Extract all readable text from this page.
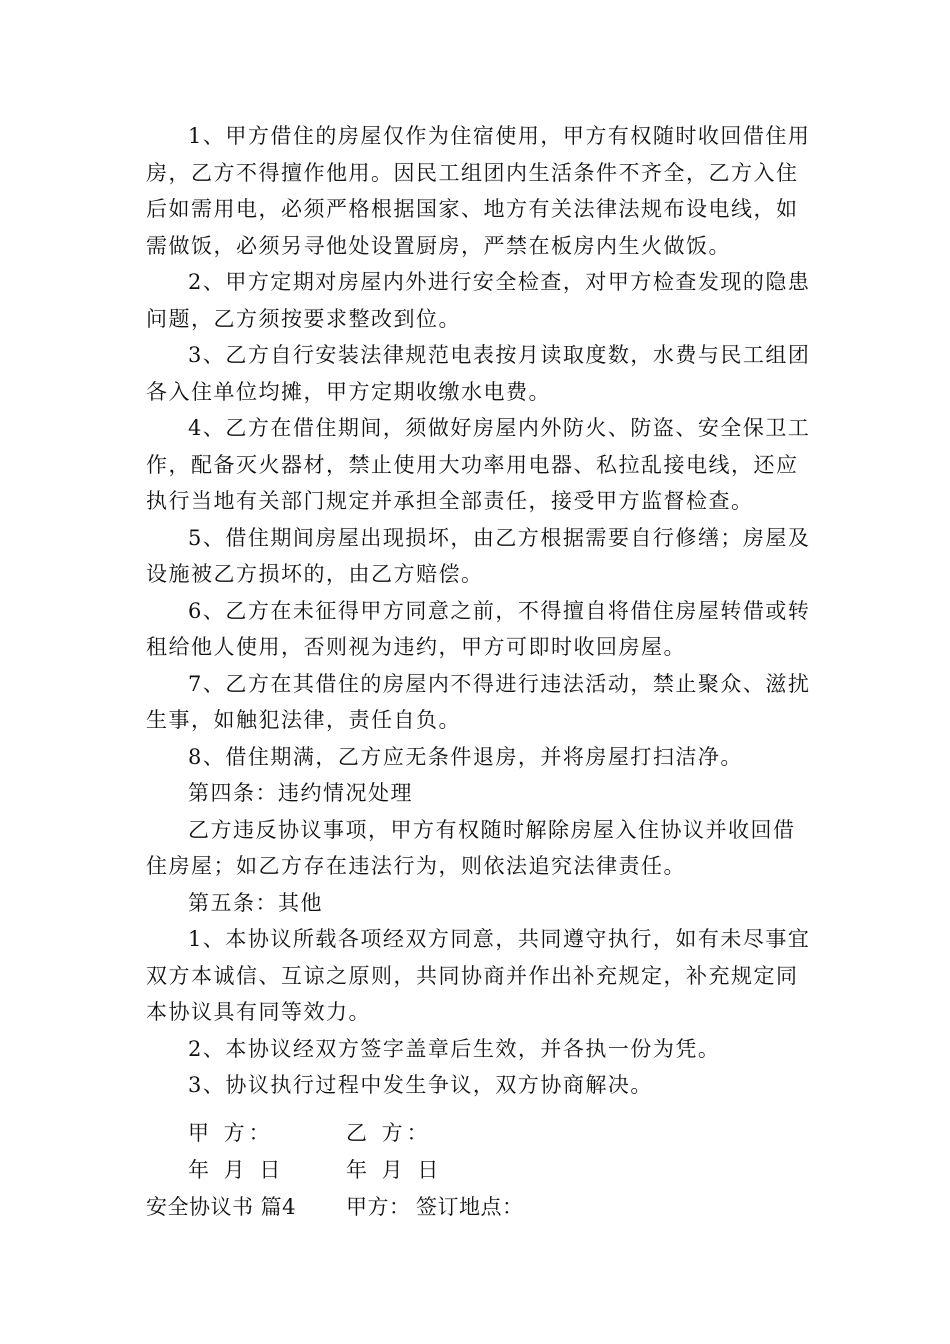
1、甲方借住的房屋仅作为住宿使用，甲方有权随时收回借住用
房，乙方不得擅作他用。因民工组团内生活条件不齐全，乙方入住
后如需用电，必须严格根据国家、地方有关法律法规布设电线，如
需做饭，必须另寻他处设置厨房，严禁在板房内生火做饭。
2、甲方定期对房屋内外进行安全检查，对甲方检查发现的隐患
问题，乙方须按要求整改到位。
3、乙方自行安装法律规范电表按月读取度数，水费与民工组团
各入住单位均摊，甲方定期收缴水电费。
4、乙方在借住期间，须做好房屋内外防火、防盗、安全保卫工
作，配备灭火器材，禁止使用大功率用电器、私拉乱接电线，还应
执行当地有关部门规定并承担全部责任，接受甲方监督检查。
5、借住期间房屋出现损坏，由乙方根据需要自行修缮；房屋及
设施被乙方损坏的，由乙方赔偿。
6、乙方在未征得甲方同意之前，不得擅自将借住房屋转借或转
租给他人使用，否则视为违约，甲方可即时收回房屋。
7、乙方在其借住的房屋内不得进行违法活动，禁止聚众、滋扰
生事，如触犯法律，责任自负。
8、借住期满，乙方应无条件退房，并将房屋打扫洁净。
第四条：违约情况处理
乙方违反协议事项，甲方有权随时解除房屋入住协议并收回借
住房屋；如乙方存在违法行为，则依法追究法律责任。
第五条：其他
1、本协议所载各项经双方同意，共同遵守执行，如有未尽事宜
双方本诚信、互谅之原则，共同协商并作出补充规定，补充规定同
本协议具有同等效力。
2、本协议经双方签字盖章后生效，并各执一份为凭。
3、协议执行过程中发生争议，双方协商解决。
甲 方：	乙 方：
年 月 日	年 月 日
安全协议书 篇4 甲方： 签订地点：
